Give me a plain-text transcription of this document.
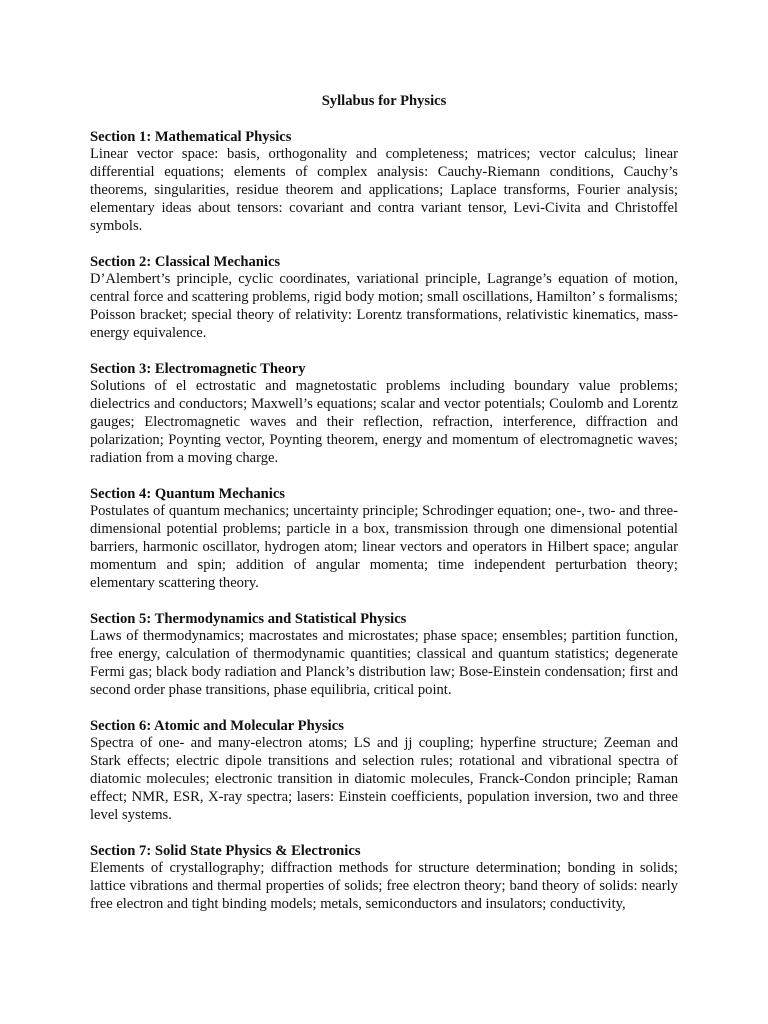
Syllabus for Physics

Section 1: Mathematical Physics

Linear vector space: basis, orthogonality and completeness; matrices; vector calculus; linear differential equations; elements of complex analysis: Cauchy-Riemann conditions, Cauchy’s theorems, singularities, residue theorem and applications; Laplace transforms, Fourier analysis; elementary ideas about tensors: covariant and contra variant tensor, Levi-Civita and Christoffel symbols.

Section 2: Classical Mechanics

D’Alembert’s principle, cyclic coordinates, variational principle, Lagrange’s equation of motion, central force and scattering problems, rigid body motion; small oscillations, Hamilton’ s formalisms; Poisson bracket; special theory of relativity: Lorentz transformations, relativistic kinematics, mass-energy equivalence.

Section 3: Electromagnetic Theory

Solutions of el ectrostatic and magnetostatic problems including boundary value problems; dielectrics and conductors; Maxwell’s equations; scalar and vector potentials; Coulomb and Lorentz gauges; Electromagnetic waves and their reflection, refraction, interference, diffraction and polarization; Poynting vector, Poynting theorem, energy and momentum of electromagnetic waves; radiation from a moving charge.

Section 4: Quantum Mechanics

Postulates of quantum mechanics; uncertainty principle; Schrodinger equation; one-, two- and three-dimensional potential problems; particle in a box, transmission through one dimensional potential barriers, harmonic oscillator, hydrogen atom; linear vectors and operators in Hilbert space; angular momentum and spin; addition of angular momenta; time independent perturbation theory; elementary scattering theory.

Section 5: Thermodynamics and Statistical Physics

Laws of thermodynamics; macrostates and microstates; phase space; ensembles; partition function, free energy, calculation of thermodynamic quantities; classical and quantum statistics; degenerate Fermi gas; black body radiation and Planck’s distribution law; Bose-Einstein condensation; first and second order phase transitions, phase equilibria, critical point.

Section 6: Atomic and Molecular Physics

Spectra of one- and many-electron atoms; LS and jj coupling; hyperfine structure; Zeeman and Stark effects; electric dipole transitions and selection rules; rotational and vibrational spectra of diatomic molecules; electronic transition in diatomic molecules, Franck-Condon principle; Raman effect; NMR, ESR, X-ray spectra; lasers: Einstein coefficients, population inversion, two and three level systems.

Section 7: Solid State Physics & Electronics

Elements of crystallography; diffraction methods for structure determination; bonding in solids; lattice vibrations and thermal properties of solids; free electron theory; band theory of solids: nearly free electron and tight binding models; metals, semiconductors and insulators; conductivity,
